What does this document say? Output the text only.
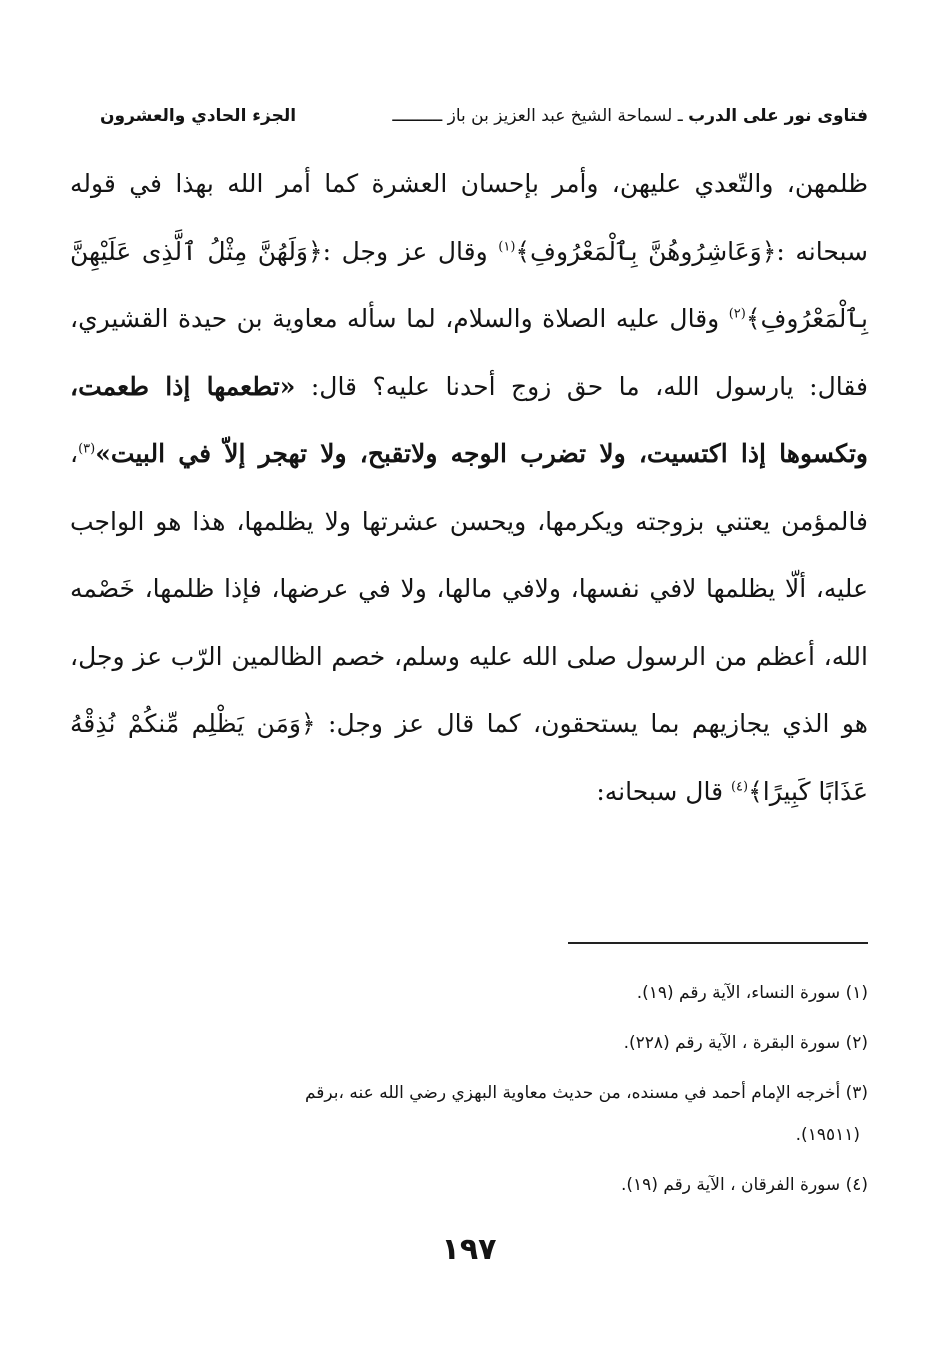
فتاوى نور على الدرب ـ لسماحة الشيخ عبد العزيز بن باز ــــــــــ
الجزء الحادي والعشرون

ظلمهن، والتّعدي عليهن، وأمر بإحسان العشرة كما أمر الله بهذا في قوله سبحانه :﴿وَعَاشِرُوهُنَّ بِٱلْمَعْرُوفِ﴾$^{(١)}$ وقال عز وجل :﴿وَلَهُنَّ مِثْلُ ٱلَّذِى عَلَيْهِنَّ بِٱلْمَعْرُوفِ﴾$^{(٢)}$ وقال عليه الصلاة والسلام، لما سأله معاوية بن حيدة القشيري، فقال: يارسول الله، ما حق زوج أحدنا عليه؟ قال: «تطعمها إذا طعمت، وتكسوها إذا اكتسيت، ولا تضرب الوجه ولاتقبح، ولا تهجر إلاّ في البيت»$^{(٣)}$، فالمؤمن يعتني بزوجته ويكرمها، ويحسن عشرتها ولا يظلمها، هذا هو الواجب عليه، ألّا يظلمها لافي نفسها، ولافي مالها، ولا في عرضها، فإذا ظلمها، خَصْمه الله، أعظم من الرسول صلى الله عليه وسلم، خصم الظالمين الرّب عز وجل، هو الذي يجازيهم بما يستحقون، كما قال عز وجل: ﴿وَمَن يَظْلِم مِّنكُمْ نُذِقْهُ عَذَابًا كَبِيرًا﴾$^{(٤)}$ قال سبحانه:

(١) سورة النساء، الآية رقم (١٩).
(٢) سورة البقرة ، الآية رقم (٢٢٨).
(٣) أخرجه الإمام أحمد في مسنده، من حديث معاوية البهزي رضي الله عنه ،برقم
(١٩٥١١).
(٤) سورة الفرقان ، الآية رقم (١٩).
١٩٧
